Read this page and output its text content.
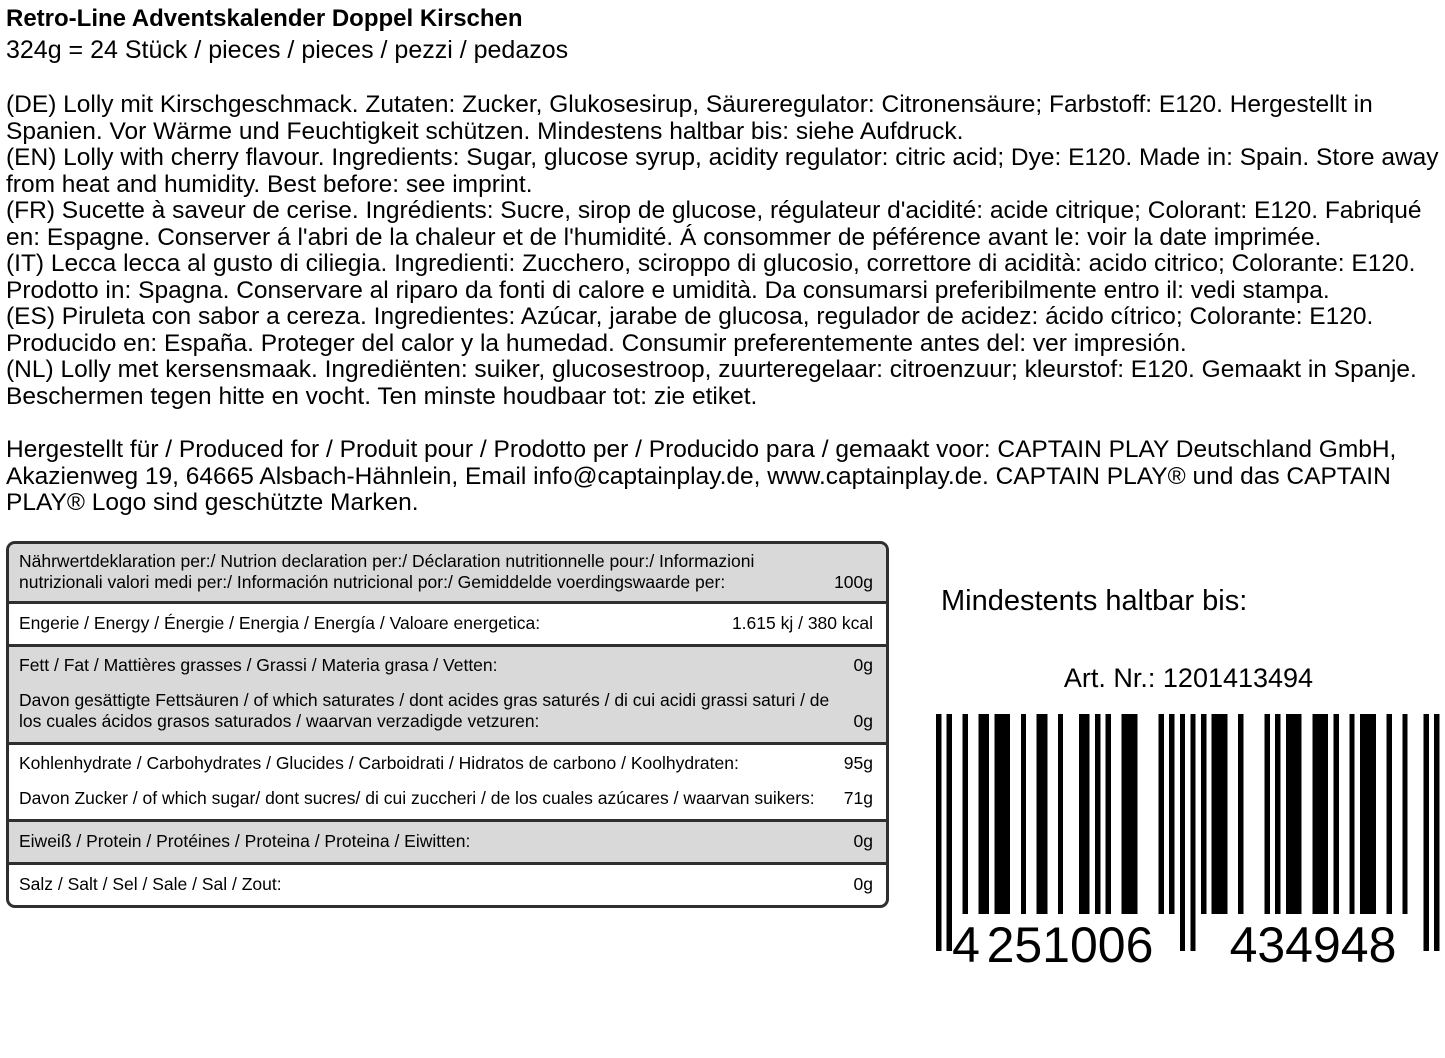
Retro-Line Adventskalender Doppel Kirschen
324g = 24 Stück / pieces / pieces / pezzi / pedazos

(DE) Lolly mit Kirschgeschmack. Zutaten: Zucker, Glukosesirup, Säureregulator: Citronensäure; Farbstoff: E120. Hergestellt in Spanien. Vor Wärme und Feuchtigkeit schützen. Mindestens haltbar bis: siehe Aufdruck.

(EN) Lolly with cherry flavour. Ingredients: Sugar, glucose syrup, acidity regulator: citric acid; Dye: E120. Made in: Spain. Store away from heat and humidity. Best before: see imprint.

(FR) Sucette à saveur de cerise. Ingrédients: Sucre, sirop de glucose, régulateur d'acidité: acide citrique; Colorant: E120. Fabriqué en: Espagne. Conserver á l'abri de la chaleur et de l'humidité. Á consommer de péférence avant le: voir la date imprimée.

(IT) Lecca lecca al gusto di ciliegia. Ingredienti: Zucchero, sciroppo di glucosio, correttore di acidità: acido citrico; Colorante: E120. Prodotto in: Spagna. Conservare al riparo da fonti di calore e umidità. Da consumarsi preferibilmente entro il: vedi stampa.

(ES) Piruleta con sabor a cereza. Ingredientes: Azúcar, jarabe de glucosa, regulador de acidez: ácido cítrico; Colorante: E120. Producido en: España. Proteger del calor y la humedad. Consumir preferentemente antes del: ver impresión.

(NL) Lolly met kersensmaak. Ingrediënten: suiker, glucosestroop, zuurteregelaar: citroenzuur; kleurstof: E120. Gemaakt in Spanje. Beschermen tegen hitte en vocht. Ten minste houdbaar tot: zie etiket.

Hergestellt für / Produced for / Produit pour / Prodotto per / Producido para / gemaakt voor: CAPTAIN PLAY Deutschland GmbH, Akazienweg 19, 64665 Alsbach-Hähnlein, Email info@captainplay.de, www.captainplay.de. CAPTAIN PLAY® und das CAPTAIN PLAY® Logo sind geschützte Marken.

Nährwertdeklaration per:/ Nutrion declaration per:/ Déclaration nutritionnelle pour:/ Informazioni nutrizionali valori medi per:/ Información nutricional por:/ Gemiddelde voerdingswaarde per:	100g
Engerie / Energy / Énergie / Energia / Energía / Valoare energetica:	1.615 kj / 380 kcal
Fett / Fat / Mattières grasses / Grassi / Materia grasa / Vetten:	0g
Davon gesättigte Fettsäuren / of which saturates / dont acides gras saturés / di cui acidi grassi saturi / de los cuales ácidos grasos saturados / waarvan verzadigde vetzuren:	0g
Kohlenhydrate / Carbohydrates / Glucides / Carboidrati / Hidratos de carbono / Koolhydraten:	95g
Davon Zucker / of which sugar/ dont sucres/ di cui zuccheri / de los cuales azúcares / waarvan suikers:	71g
Eiweiß / Protein / Protéines / Proteina / Proteina / Eiwitten:	0g
Salz / Salt / Sel / Sale / Sal / Zout:	0g
Mindestents haltbar bis:
Art. Nr.: 1201413494
4 251006 434948
